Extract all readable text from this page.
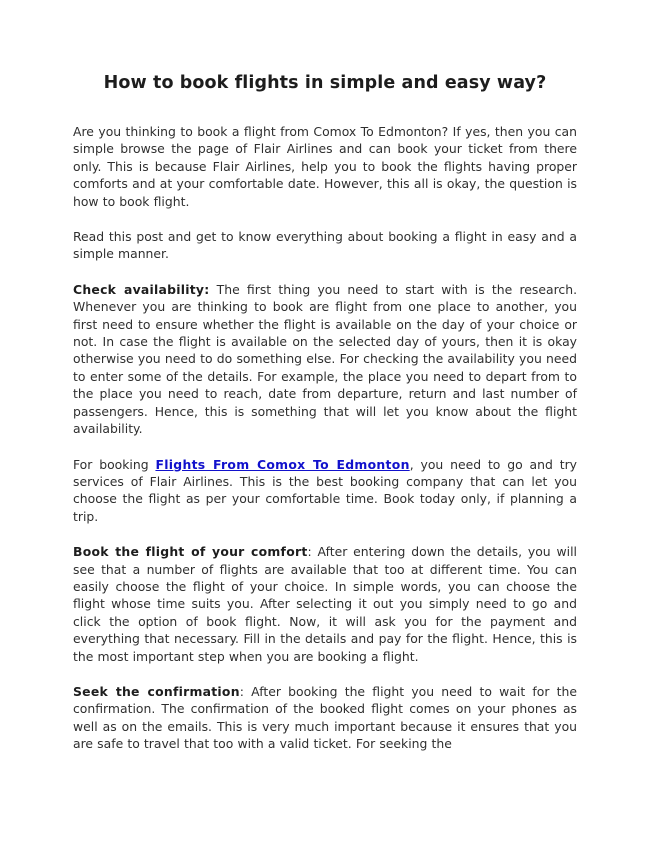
How to book flights in simple and easy way?

Are you thinking to book a flight from Comox To Edmonton? If yes, then you can simple browse the page of Flair Airlines and can book your ticket from there only. This is because Flair Airlines, help you to book the flights having proper comforts and at your comfortable date. However, this all is okay, the question is how to book flight.

Read this post and get to know everything about booking a flight in easy and a simple manner.

Check availability: The first thing you need to start with is the research. Whenever you are thinking to book are flight from one place to another, you first need to ensure whether the flight is available on the day of your choice or not. In case the flight is available on the selected day of yours, then it is okay otherwise you need to do something else. For checking the availability you need to enter some of the details. For example, the place you need to depart from to the place you need to reach, date from departure, return and last number of passengers. Hence, this is something that will let you know about the flight availability.

For booking Flights From Comox To Edmonton, you need to go and try services of Flair Airlines. This is the best booking company that can let you choose the flight as per your comfortable time. Book today only, if planning a trip.

Book the flight of your comfort: After entering down the details, you will see that a number of flights are available that too at different time. You can easily choose the flight of your choice. In simple words, you can choose the flight whose time suits you. After selecting it out you simply need to go and click the option of book flight. Now, it will ask you for the payment and everything that necessary. Fill in the details and pay for the flight. Hence, this is the most important step when you are booking a flight.

Seek the confirmation: After booking the flight you need to wait for the confirmation. The confirmation of the booked flight comes on your phones as well as on the emails. This is very much important because it ensures that you are safe to travel that too with a valid ticket. For seeking the
